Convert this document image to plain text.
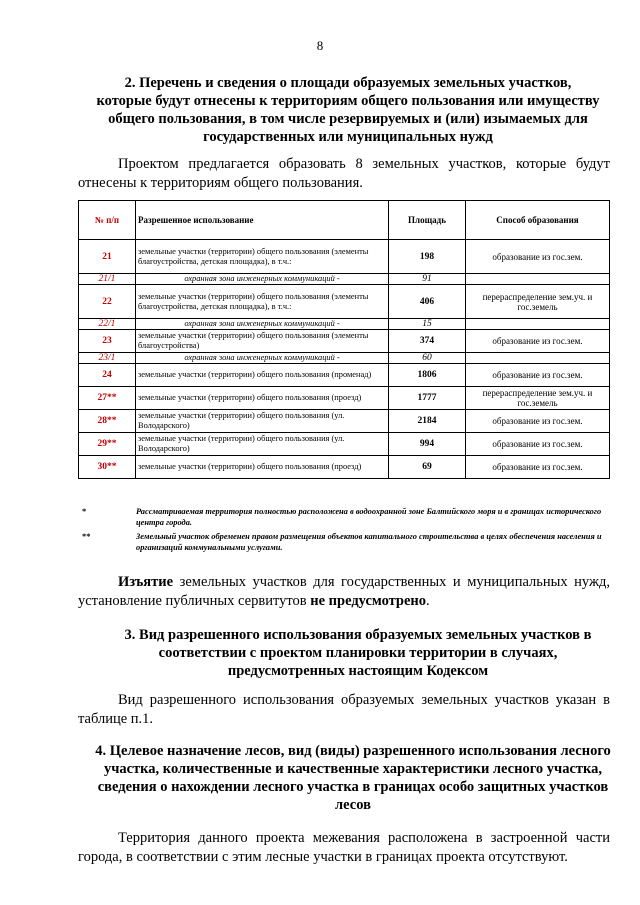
8
2. Перечень и сведения о площади образуемых земельных участков, которые будут отнесены к территориям общего пользования или имуществу общего пользования, в том числе резервируемых и (или) изымаемых для государственных или муниципальных нужд
Проектом предлагается образовать 8 земельных участков, которые будут отнесены к территориям общего пользования.
№ п/п	Разрешенное использование	Площадь	Способ образования
21	земельные участки (территории) общего пользования (элементы благоустройства, детская площадка), в т.ч.:	198	образование из гос.зем.
21/1	охранная зона инженерных коммуникаций -	91	
22	земельные участки (территории) общего пользования (элементы благоустройства, детская площадка), в т.ч.:	406	перераспределение зем.уч. и гос.земель
22/1	охранная зона инженерных коммуникаций -	15	
23	земельные участки (территории) общего пользования (элементы благоустройства)	374	образование из гос.зем.
23/1	охранная зона инженерных коммуникаций -	60	
24	земельные участки (территории) общего пользования (променад)	1806	образование из гос.зем.
27**	земельные участки (территории) общего пользования (проезд)	1777	перераспределение зем.уч. и гос.земель
28**	земельные участки (территории) общего пользования (ул. Володарского)	2184	образование из гос.зем.
29**	земельные участки (территории) общего пользования (ул. Володарского)	994	образование из гос.зем.
30**	земельные участки (территории) общего пользования (проезд)	69	образование из гос.зем.
*	Рассматриваемая территория полностью расположена в водоохранной зоне Балтийского моря и в границах исторического центра города.
**	Земельный участок обременен правом размещения объектов капитального строительства в целях обеспечения населения и организаций коммунальными услугами.
Изъятие земельных участков для государственных и муниципальных нужд, установление публичных сервитутов не предусмотрено.
3. Вид разрешенного использования образуемых земельных участков в соответствии с проектом планировки территории в случаях, предусмотренных настоящим Кодексом
Вид разрешенного использования образуемых земельных участков указан в таблице п.1.
4. Целевое назначение лесов, вид (виды) разрешенного использования лесного участка, количественные и качественные характеристики лесного участка, сведения о нахождении лесного участка в границах особо защитных участков лесов
Территория данного проекта межевания расположена в застроенной части города, в соответствии с этим лесные участки в границах проекта отсутствуют.
